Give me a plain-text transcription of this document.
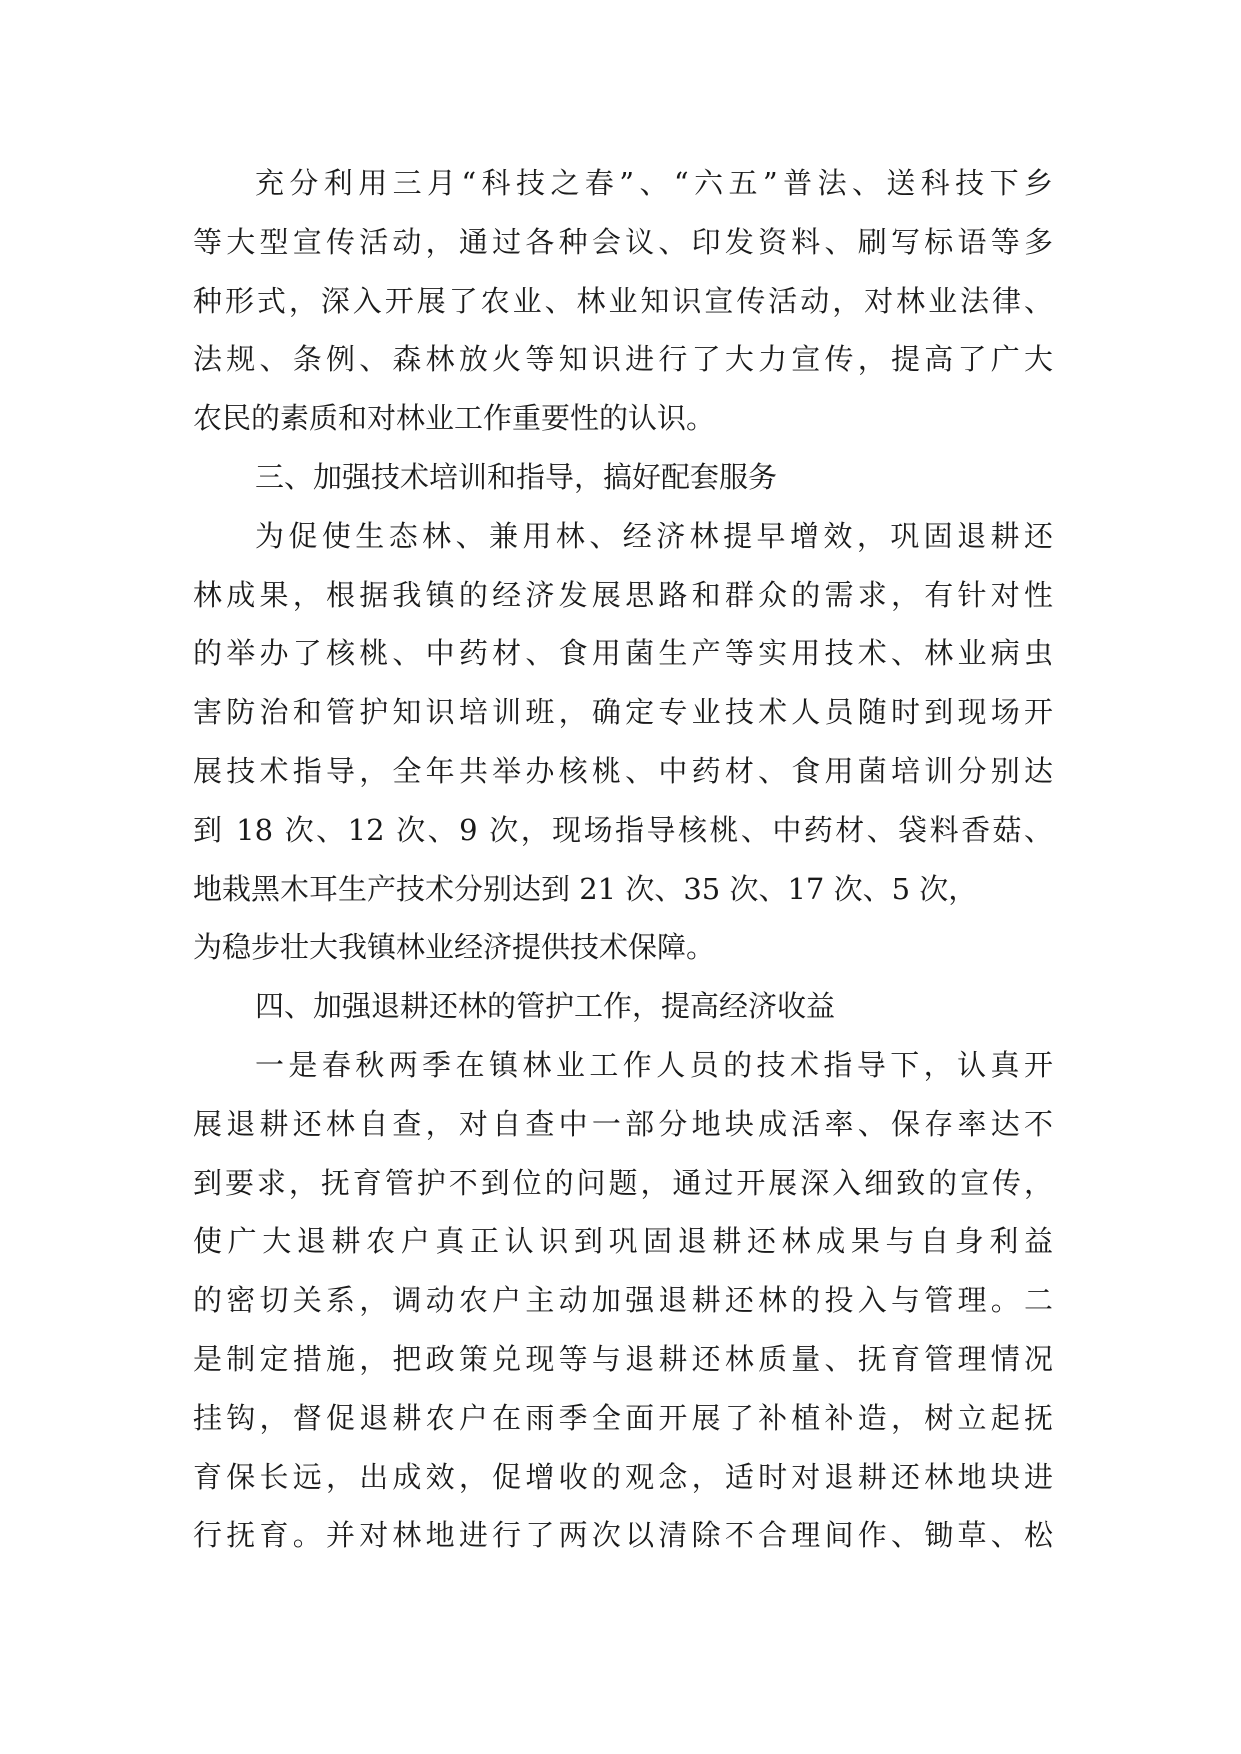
充分利用三月“科技之春”、“六五”普法、送科技下乡
等大型宣传活动，通过各种会议、印发资料、刷写标语等多
种形式，深入开展了农业、林业知识宣传活动，对林业法律、
法规、条例、森林放火等知识进行了大力宣传，提高了广大
农民的素质和对林业工作重要性的认识。
三、加强技术培训和指导，搞好配套服务
为促使生态林、兼用林、经济林提早增效，巩固退耕还
林成果，根据我镇的经济发展思路和群众的需求，有针对性
的举办了核桃、中药材、食用菌生产等实用技术、林业病虫
害防治和管护知识培训班，确定专业技术人员随时到现场开
展技术指导，全年共举办核桃、中药材、食用菌培训分别达
到 18 次、12 次、9 次，现场指导核桃、中药材、袋料香菇、
地栽黑木耳生产技术分别达到 21 次、35 次、17 次、5 次，
为稳步壮大我镇林业经济提供技术保障。
四、加强退耕还林的管护工作，提高经济收益
一是春秋两季在镇林业工作人员的技术指导下，认真开
展退耕还林自查，对自查中一部分地块成活率、保存率达不
到要求，抚育管护不到位的问题，通过开展深入细致的宣传，
使广大退耕农户真正认识到巩固退耕还林成果与自身利益
的密切关系，调动农户主动加强退耕还林的投入与管理。二
是制定措施，把政策兑现等与退耕还林质量、抚育管理情况
挂钩，督促退耕农户在雨季全面开展了补植补造，树立起抚
育保长远，出成效，促增收的观念，适时对退耕还林地块进
行抚育。并对林地进行了两次以清除不合理间作、锄草、松
